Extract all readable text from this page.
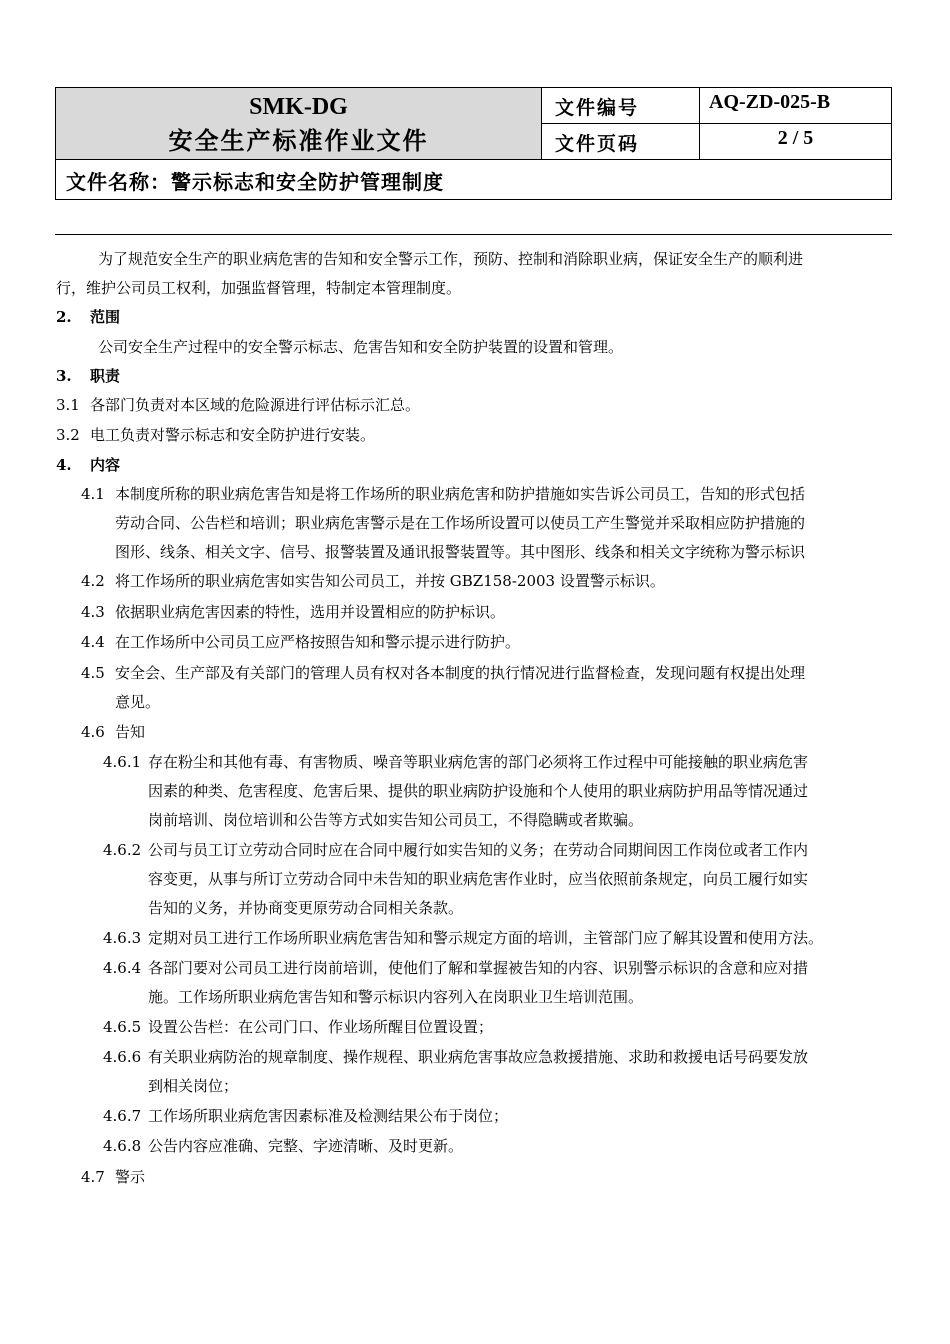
SMK-DG
安全生产标准作业文件
文件编号	AQ-ZD-025-B
文件页码	2 / 5
文件名称：警示标志和安全防护管理制度
为了规范安全生产的职业病危害的告知和安全警示工作，预防、控制和消除职业病，保证安全生产的顺利进
行，维护公司员工权利，加强监督管理，特制定本管理制度。
2. 范围
公司安全生产过程中的安全警示标志、危害告知和安全防护装置的设置和管理。
3. 职责
3.1 各部门负责对本区域的危险源进行评估标示汇总。
3.2 电工负责对警示标志和安全防护进行安装。
4. 内容
4.1 本制度所称的职业病危害告知是将工作场所的职业病危害和防护措施如实告诉公司员工，告知的形式包括
劳动合同、公告栏和培训；职业病危害警示是在工作场所设置可以使员工产生警觉并采取相应防护措施的
图形、线条、相关文字、信号、报警装置及通讯报警装置等。其中图形、线条和相关文字统称为警示标识
4.2 将工作场所的职业病危害如实告知公司员工，并按 GBZ158-2003 设置警示标识。
4.3 依据职业病危害因素的特性，选用并设置相应的防护标识。
4.4 在工作场所中公司员工应严格按照告知和警示提示进行防护。
4.5 安全会、生产部及有关部门的管理人员有权对各本制度的执行情况进行监督检查，发现问题有权提出处理
意见。
4.6 告知
4.6.1 存在粉尘和其他有毒、有害物质、噪音等职业病危害的部门必须将工作过程中可能接触的职业病危害
因素的种类、危害程度、危害后果、提供的职业病防护设施和个人使用的职业病防护用品等情况通过
岗前培训、岗位培训和公告等方式如实告知公司员工，不得隐瞒或者欺骗。
4.6.2 公司与员工订立劳动合同时应在合同中履行如实告知的义务；在劳动合同期间因工作岗位或者工作内
容变更，从事与所订立劳动合同中未告知的职业病危害作业时，应当依照前条规定，向员工履行如实
告知的义务，并协商变更原劳动合同相关条款。
4.6.3 定期对员工进行工作场所职业病危害告知和警示规定方面的培训，主管部门应了解其设置和使用方法。
4.6.4 各部门要对公司员工进行岗前培训，使他们了解和掌握被告知的内容、识别警示标识的含意和应对措
施。工作场所职业病危害告知和警示标识内容列入在岗职业卫生培训范围。
4.6.5 设置公告栏：在公司门口、作业场所醒目位置设置；
4.6.6 有关职业病防治的规章制度、操作规程、职业病危害事故应急救援措施、求助和救援电话号码要发放
到相关岗位；
4.6.7 工作场所职业病危害因素标准及检测结果公布于岗位；
4.6.8 公告内容应准确、完整、字迹清晰、及时更新。
4.7 警示
